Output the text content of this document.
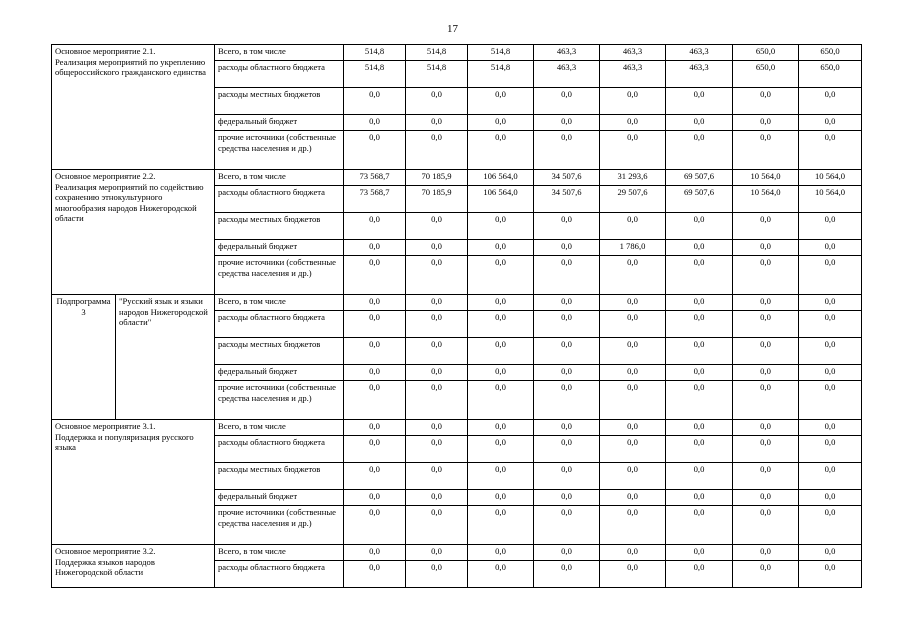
17
Основное мероприятие 2.1.
Реализация мероприятий по укреплению общероссийского гражданского единства		Всего, в том числе	514,8	514,8	514,8	463,3	463,3	463,3	650,0	650,0
		расходы областного бюджета	514,8	514,8	514,8	463,3	463,3	463,3	650,0	650,0
		расходы местных бюджетов	0,0	0,0	0,0	0,0	0,0	0,0	0,0	0,0
		федеральный бюджет	0,0	0,0	0,0	0,0	0,0	0,0	0,0	0,0
		прочие источники (собственные средства населения и др.)	0,0	0,0	0,0	0,0	0,0	0,0	0,0	0,0
Основное мероприятие 2.2.
Реализация мероприятий по содействию сохранению этнокультурного многообразия народов Нижегородской области		Всего, в том числе	73 568,7	70 185,9	106 564,0	34 507,6	31 293,6	69 507,6	10 564,0	10 564,0
		расходы областного бюджета	73 568,7	70 185,9	106 564,0	34 507,6	29 507,6	69 507,6	10 564,0	10 564,0
		расходы местных бюджетов	0,0	0,0	0,0	0,0	0,0	0,0	0,0	0,0
		федеральный бюджет	0,0	0,0	0,0	0,0	1 786,0	0,0	0,0	0,0
		прочие источники (собственные средства населения и др.)	0,0	0,0	0,0	0,0	0,0	0,0	0,0	0,0
Подпрограмма 3	"Русский язык и языки народов Нижегородской области"	Всего, в том числе	0,0	0,0	0,0	0,0	0,0	0,0	0,0	0,0
		расходы областного бюджета	0,0	0,0	0,0	0,0	0,0	0,0	0,0	0,0
		расходы местных бюджетов	0,0	0,0	0,0	0,0	0,0	0,0	0,0	0,0
		федеральный бюджет	0,0	0,0	0,0	0,0	0,0	0,0	0,0	0,0
		прочие источники (собственные средства населения и др.)	0,0	0,0	0,0	0,0	0,0	0,0	0,0	0,0
Основное мероприятие 3.1.
Поддержка и популяризация русского языка		Всего, в том числе	0,0	0,0	0,0	0,0	0,0	0,0	0,0	0,0
		расходы областного бюджета	0,0	0,0	0,0	0,0	0,0	0,0	0,0	0,0
		расходы местных бюджетов	0,0	0,0	0,0	0,0	0,0	0,0	0,0	0,0
		федеральный бюджет	0,0	0,0	0,0	0,0	0,0	0,0	0,0	0,0
		прочие источники (собственные средства населения и др.)	0,0	0,0	0,0	0,0	0,0	0,0	0,0	0,0
Основное мероприятие 3.2.
Поддержка языков народов Нижегородской области		Всего, в том числе	0,0	0,0	0,0	0,0	0,0	0,0	0,0	0,0
		расходы областного бюджета	0,0	0,0	0,0	0,0	0,0	0,0	0,0	0,0
